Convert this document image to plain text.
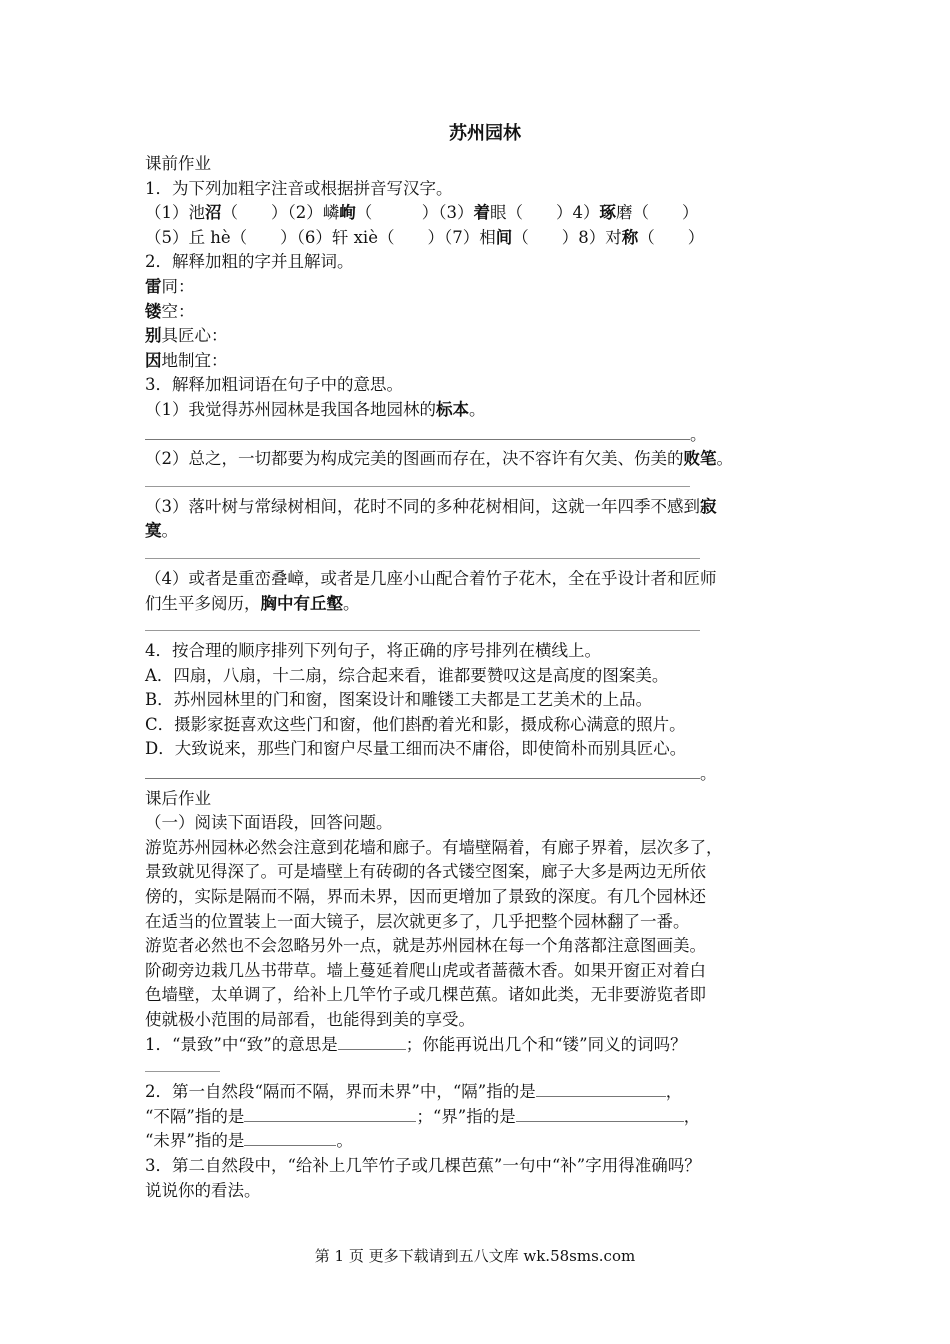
苏州园林
课前作业
1．为下列加粗字注音或根据拼音写汉字。
（1）池沼（　　）（2）嶙峋（　　　）（3）着眼（　　）4）琢磨（　　）
（5）丘 hè（　　）（6）轩 xiè（　　）（7）相间（　　）8）对称（　　）
2．解释加粗的字并且解词。
雷同：
镂空：
别具匠心：
因地制宜：
3．解释加粗词语在句子中的意思。
（1）我觉得苏州园林是我国各地园林的标本。
。
（2）总之，一切都要为构成完美的图画而存在，决不容许有欠美、伤美的败笔。
（3）落叶树与常绿树相间，花时不同的多种花树相间，这就一年四季不感到寂
寞。
（4）或者是重峦叠嶂，或者是几座小山配合着竹子花木，全在乎设计者和匠师
们生平多阅历，胸中有丘壑。
4．按合理的顺序排列下列句子，将正确的序号排列在横线上。
A．四扇，八扇，十二扇，综合起来看，谁都要赞叹这是高度的图案美。
B．苏州园林里的门和窗，图案设计和雕镂工夫都是工艺美术的上品。
C．摄影家挺喜欢这些门和窗，他们斟酌着光和影，摄成称心满意的照片。
D．大致说来，那些门和窗户尽量工细而决不庸俗，即使简朴而别具匠心。
。
课后作业
（一）阅读下面语段，回答问题。
游览苏州园林必然会注意到花墙和廊子。有墙壁隔着，有廊子界着，层次多了，
景致就见得深了。可是墙壁上有砖砌的各式镂空图案，廊子大多是两边无所依
傍的，实际是隔而不隔，界而未界，因而更增加了景致的深度。有几个园林还
在适当的位置装上一面大镜子，层次就更多了，几乎把整个园林翻了一番。
游览者必然也不会忽略另外一点，就是苏州园林在每一个角落都注意图画美。
阶砌旁边栽几丛书带草。墙上蔓延着爬山虎或者蔷薇木香。如果开窗正对着白
色墙壁，太单调了，给补上几竿竹子或几棵芭蕉。诸如此类，无非要游览者即
使就极小范围的局部看，也能得到美的享受。
1．“景致”中“致”的意思是	；你能再说出几个和“镂”同义的词吗？
2．第一自然段“隔而不隔，界而未界”中，“隔”指的是	，
“不隔”指的是	；“界”指的是	，
“未界”指的是	。
3．第二自然段中，“给补上几竿竹子或几棵芭蕉”一句中“补”字用得准确吗？
说说你的看法。
第 1 页 更多下载请到五八文库 wk.58sms.com
